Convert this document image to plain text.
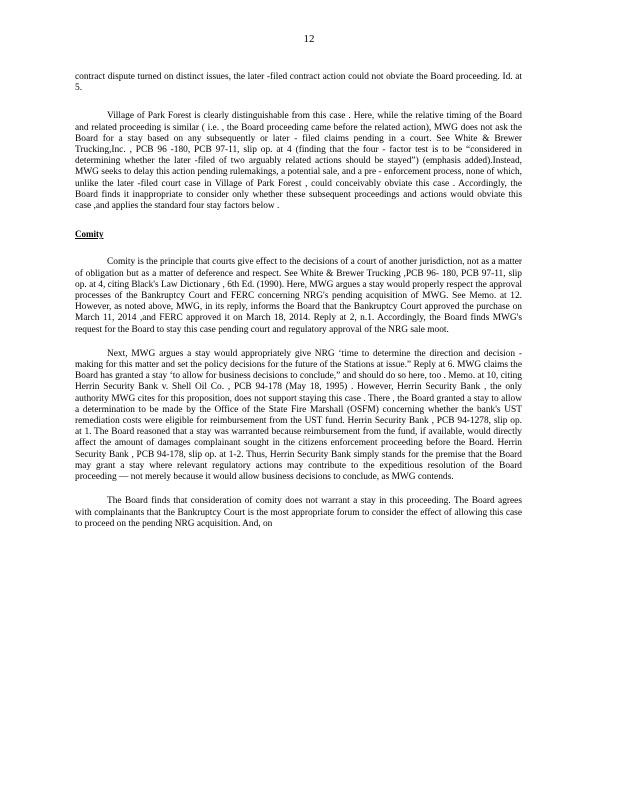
12

contract dispute turned on distinct issues, the later -filed contract action could not obviate the Board proceeding. Id. at 5.

Village of Park Forest is clearly distinguishable from this case . Here, while the relative timing of the Board and related proceeding is similar ( i.e. , the Board proceeding came before the related action), MWG does not ask the Board for a stay based on any subsequently or later - filed claims pending in a court. See White & Brewer Trucking,Inc. , PCB 96 -180, PCB 97-11, slip op. at 4 (finding that the four - factor test is to be “considered in determining whether the later -filed of two arguably related actions should be stayed”) (emphasis added).Instead, MWG seeks to delay this action pending rulemakings, a potential sale, and a pre - enforcement process, none of which, unlike the later -filed court case in Village of Park Forest , could conceivably obviate this case . Accordingly, the Board finds it inappropriate to consider only whether these subsequent proceedings and actions would obviate this case ,and applies the standard four stay factors below .

Comity

Comity is the principle that courts give effect to the decisions of a court of another jurisdiction, not as a matter of obligation but as a matter of deference and respect. See White & Brewer Trucking ,PCB 96- 180, PCB 97-11, slip op. at 4, citing Black's Law Dictionary , 6th Ed. (1990). Here, MWG argues a stay would properly respect the approval processes of the Bankruptcy Court and FERC concerning NRG's pending acquisition of MWG. See Memo. at 12. However, as noted above, MWG, in its reply, informs the Board that the Bankruptcy Court approved the purchase on March 11, 2014 ,and FERC approved it on March 18, 2014. Reply at 2, n.1. Accordingly, the Board finds MWG's request for the Board to stay this case pending court and regulatory approval of the NRG sale moot.

Next, MWG argues a stay would appropriately give NRG ‘time to determine the direction and decision -making for this matter and set the policy decisions for the future of the Stations at issue.” Reply at 6. MWG claims the Board has granted a stay ‘to allow for business decisions to conclude,” and should do so here, too . Memo. at 10, citing Herrin Security Bank v. Shell Oil Co. , PCB 94-178 (May 18, 1995) . However, Herrin Security Bank , the only authority MWG cites for this proposition, does not support staying this case . There , the Board granted a stay to allow a determination to be made by the Office of the State Fire Marshall (OSFM) concerning whether the bank's UST remediation costs were eligible for reimbursement from the UST fund. Herrin Security Bank , PCB 94-1278, slip op. at 1. The Board reasoned that a stay was warranted because reimbursement from the fund, if available, would directly affect the amount of damages complainant sought in the citizens enforcement proceeding before the Board. Herrin Security Bank , PCB 94-178, slip op. at 1-2. Thus, Herrin Security Bank simply stands for the premise that the Board may grant a stay where relevant regulatory actions may contribute to the expeditious resolution of the Board proceeding — not merely because it would allow business decisions to conclude, as MWG contends.

The Board finds that consideration of comity does not warrant a stay in this proceeding. The Board agrees with complainants that the Bankruptcy Court is the most appropriate forum to consider the effect of allowing this case to proceed on the pending NRG acquisition. And, on
